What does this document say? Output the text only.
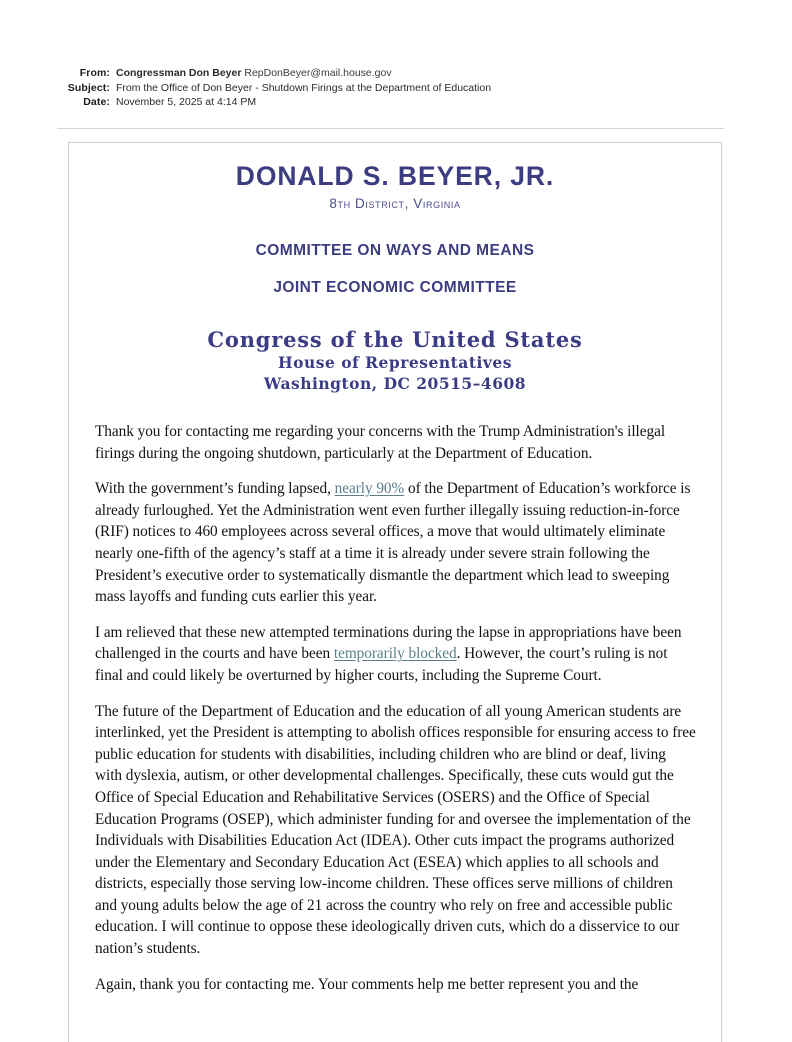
From: Congressman Don Beyer RepDonBeyer@mail.house.gov
Subject: From the Office of Don Beyer - Shutdown Firings at the Department of Education
Date: November 5, 2025 at 4:14 PM
DONALD S. BEYER, JR.
8th District, Virginia
COMMITTEE ON WAYS AND MEANS
JOINT ECONOMIC COMMITTEE
Congress of the United States
House of Representatives
Washington, DC 20515–4608

Thank you for contacting me regarding your concerns with the Trump Administration's illegal firings during the ongoing shutdown, particularly at the Department of Education.

With the government’s funding lapsed, nearly 90% of the Department of Education’s workforce is already furloughed. Yet the Administration went even further illegally issuing reduction-in-force (RIF) notices to 460 employees across several offices, a move that would ultimately eliminate nearly one-fifth of the agency’s staff at a time it is already under severe strain following the President’s executive order to systematically dismantle the department which lead to sweeping mass layoffs and funding cuts earlier this year.

I am relieved that these new attempted terminations during the lapse in appropriations have been challenged in the courts and have been temporarily blocked. However, the court’s ruling is not final and could likely be overturned by higher courts, including the Supreme Court.

The future of the Department of Education and the education of all young American students are interlinked, yet the President is attempting to abolish offices responsible for ensuring access to free public education for students with disabilities, including children who are blind or deaf, living with dyslexia, autism, or other developmental challenges. Specifically, these cuts would gut the Office of Special Education and Rehabilitative Services (OSERS) and the Office of Special Education Programs (OSEP), which administer funding for and oversee the implementation of the Individuals with Disabilities Education Act (IDEA). Other cuts impact the programs authorized under the Elementary and Secondary Education Act (ESEA) which applies to all schools and districts, especially those serving low-income children. These offices serve millions of children and young adults below the age of 21 across the country who rely on free and accessible public education. I will continue to oppose these ideologically driven cuts, which do a disservice to our nation’s students.

Again, thank you for contacting me. Your comments help me better represent you and the
